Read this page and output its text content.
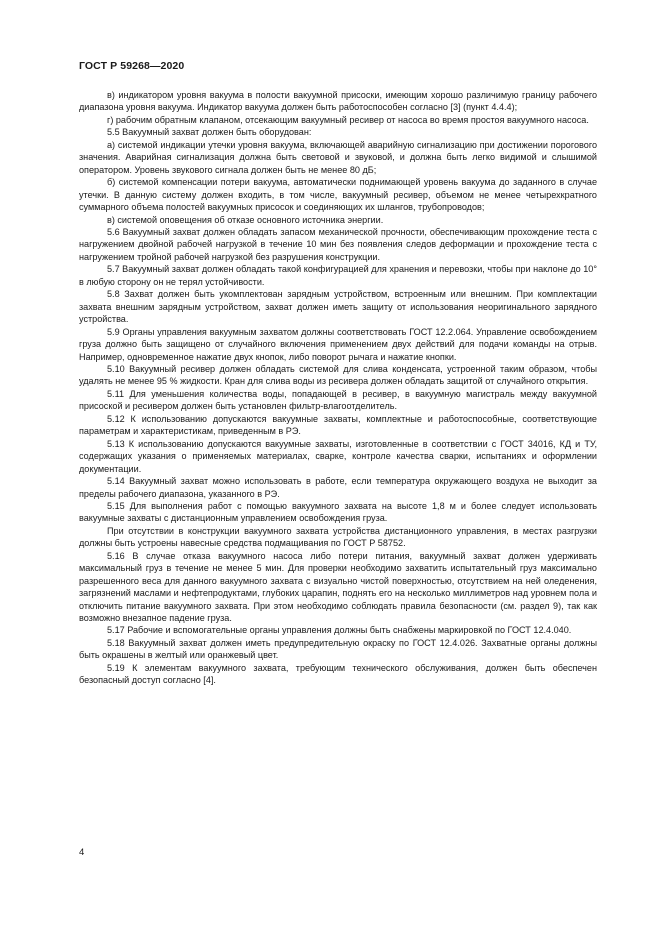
ГОСТ Р 59268—2020

в) индикатором уровня вакуума в полости вакуумной присоски, имеющим хорошо различимую границу рабочего диапазона уровня вакуума. Индикатор вакуума должен быть работоспособен согласно [3] (пункт 4.4.4);

г) рабочим обратным клапаном, отсекающим вакуумный ресивер от насоса во время простоя вакуумного насоса.

5.5 Вакуумный захват должен быть оборудован:

а) системой индикации утечки уровня вакуума, включающей аварийную сигнализацию при достижении порогового значения. Аварийная сигнализация должна быть световой и звуковой, и должна быть легко видимой и слышимой оператором. Уровень звукового сигнала должен быть не менее 80 дБ;

б) системой компенсации потери вакуума, автоматически поднимающей уровень вакуума до заданного в случае утечки. В данную систему должен входить, в том числе, вакуумный ресивер, объемом не менее четырехкратного суммарного объема полостей вакуумных присосок и соединяющих их шлангов, трубопроводов;

в) системой оповещения об отказе основного источника энергии.

5.6 Вакуумный захват должен обладать запасом механической прочности, обеспечивающим прохождение теста с нагружением двойной рабочей нагрузкой в течение 10 мин без появления следов деформации и прохождение теста с нагружением тройной рабочей нагрузкой без разрушения конструкции.

5.7 Вакуумный захват должен обладать такой конфигурацией для хранения и перевозки, чтобы при наклоне до 10° в любую сторону он не терял устойчивости.

5.8 Захват должен быть укомплектован зарядным устройством, встроенным или внешним. При комплектации захвата внешним зарядным устройством, захват должен иметь защиту от использования неоригинального зарядного устройства.

5.9 Органы управления вакуумным захватом должны соответствовать ГОСТ 12.2.064. Управление освобождением груза должно быть защищено от случайного включения применением двух действий для подачи команды на отрыв. Например, одновременное нажатие двух кнопок, либо поворот рычага и нажатие кнопки.

5.10 Вакуумный ресивер должен обладать системой для слива конденсата, устроенной таким образом, чтобы удалять не менее 95 % жидкости. Кран для слива воды из ресивера должен обладать защитой от случайного открытия.

5.11 Для уменьшения количества воды, попадающей в ресивер, в вакуумную магистраль между вакуумной присоской и ресивером должен быть установлен фильтр-влагоотделитель.

5.12 К использованию допускаются вакуумные захваты, комплектные и работоспособные, соответствующие параметрам и характеристикам, приведенным в РЭ.

5.13 К использованию допускаются вакуумные захваты, изготовленные в соответствии с ГОСТ 34016, КД и ТУ, содержащих указания о применяемых материалах, сварке, контроле качества сварки, испытаниях и оформлении документации.

5.14 Вакуумный захват можно использовать в работе, если температура окружающего воздуха не выходит за пределы рабочего диапазона, указанного в РЭ.

5.15 Для выполнения работ с помощью вакуумного захвата на высоте 1,8 м и более следует использовать вакуумные захваты с дистанционным управлением освобождения груза.

При отсутствии в конструкции вакуумного захвата устройства дистанционного управления, в местах разгрузки должны быть устроены навесные средства подмащивания по ГОСТ Р 58752.

5.16 В случае отказа вакуумного насоса либо потери питания, вакуумный захват должен удерживать максимальный груз в течение не менее 5 мин. Для проверки необходимо захватить испытательный груз максимально разрешенного веса для данного вакуумного захвата с визуально чистой поверхностью, отсутствием на ней оледенения, загрязнений маслами и нефтепродуктами, глубоких царапин, поднять его на несколько миллиметров над уровнем пола и отключить питание вакуумного захвата. При этом необходимо соблюдать правила безопасности (см. раздел 9), так как возможно внезапное падение груза.

5.17 Рабочие и вспомогательные органы управления должны быть снабжены маркировкой по ГОСТ 12.4.040.

5.18 Вакуумный захват должен иметь предупредительную окраску по ГОСТ 12.4.026. Захватные органы должны быть окрашены в желтый или оранжевый цвет.

5.19 К элементам вакуумного захвата, требующим технического обслуживания, должен быть обеспечен безопасный доступ согласно [4].

4
